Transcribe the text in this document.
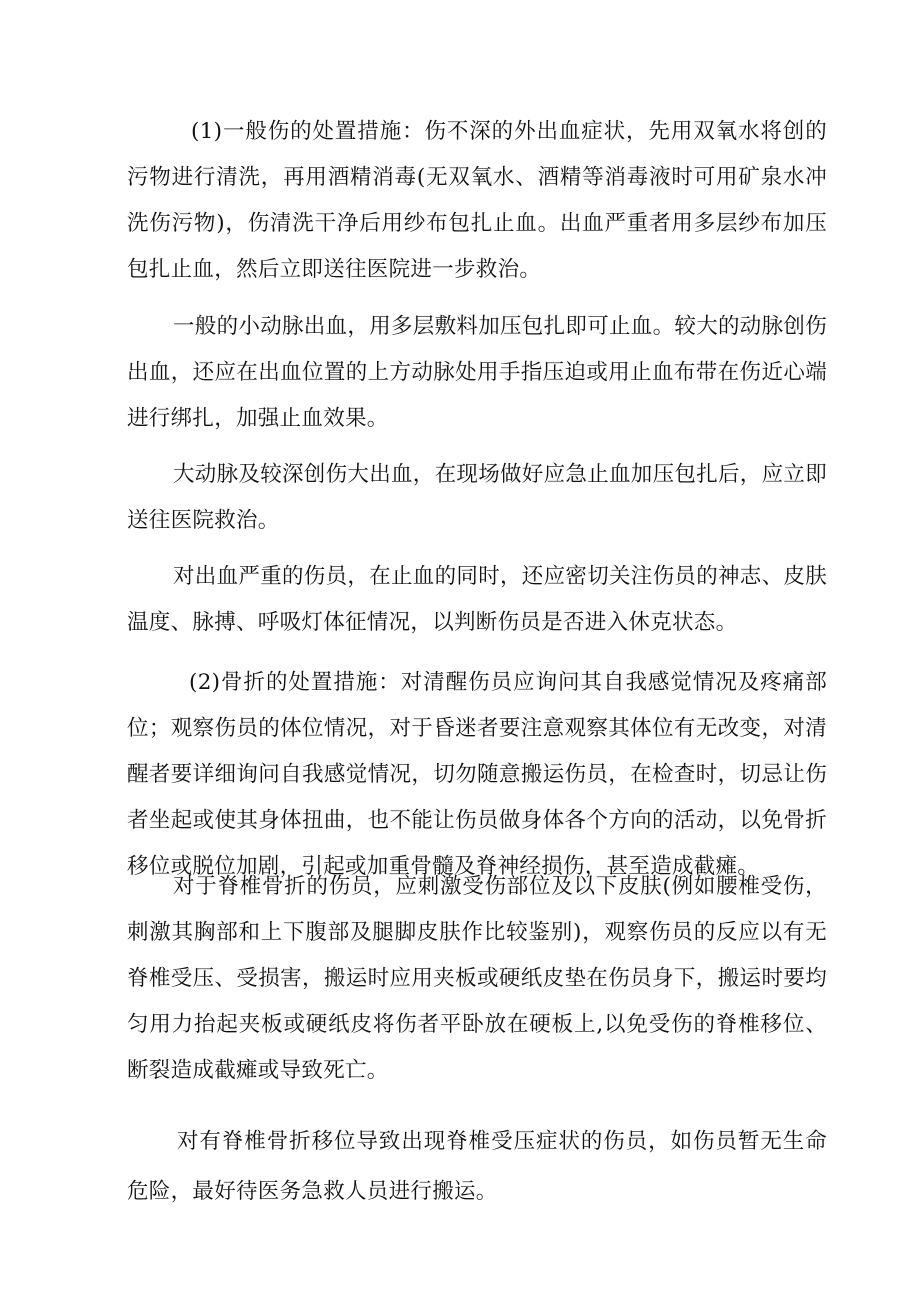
(1)一般伤的处置措施：伤不深的外出血症状，先用双氧水将创的污物进行清洗，再用酒精消毒(无双氧水、酒精等消毒液时可用矿泉水冲洗伤污物)，伤清洗干净后用纱布包扎止血。出血严重者用多层纱布加压包扎止血，然后立即送往医院进一步救治。

一般的小动脉出血，用多层敷料加压包扎即可止血。较大的动脉创伤出血，还应在出血位置的上方动脉处用手指压迫或用止血布带在伤近心端进行绑扎，加强止血效果。

大动脉及较深创伤大出血，在现场做好应急止血加压包扎后，应立即送往医院救治。

对出血严重的伤员，在止血的同时，还应密切关注伤员的神志、皮肤温度、脉搏、呼吸灯体征情况，以判断伤员是否进入休克状态。

(2)骨折的处置措施：对清醒伤员应询问其自我感觉情况及疼痛部位；观察伤员的体位情况，对于昏迷者要注意观察其体位有无改变，对清醒者要详细询问自我感觉情况，切勿随意搬运伤员，在检查时，切忌让伤者坐起或使其身体扭曲，也不能让伤员做身体各个方向的活动，以免骨折移位或脱位加剧，引起或加重骨髓及脊神经损伤，甚至造成截瘫。

对于脊椎骨折的伤员，应刺激受伤部位及以下皮肤(例如腰椎受伤，刺激其胸部和上下腹部及腿脚皮肤作比较鉴别)，观察伤员的反应以有无脊椎受压、受损害，搬运时应用夹板或硬纸皮垫在伤员身下，搬运时要均匀用力抬起夹板或硬纸皮将伤者平卧放在硬板上,以免受伤的脊椎移位、断裂造成截瘫或导致死亡。

对有脊椎骨折移位导致出现脊椎受压症状的伤员，如伤员暂无生命危险，最好待医务急救人员进行搬运。
